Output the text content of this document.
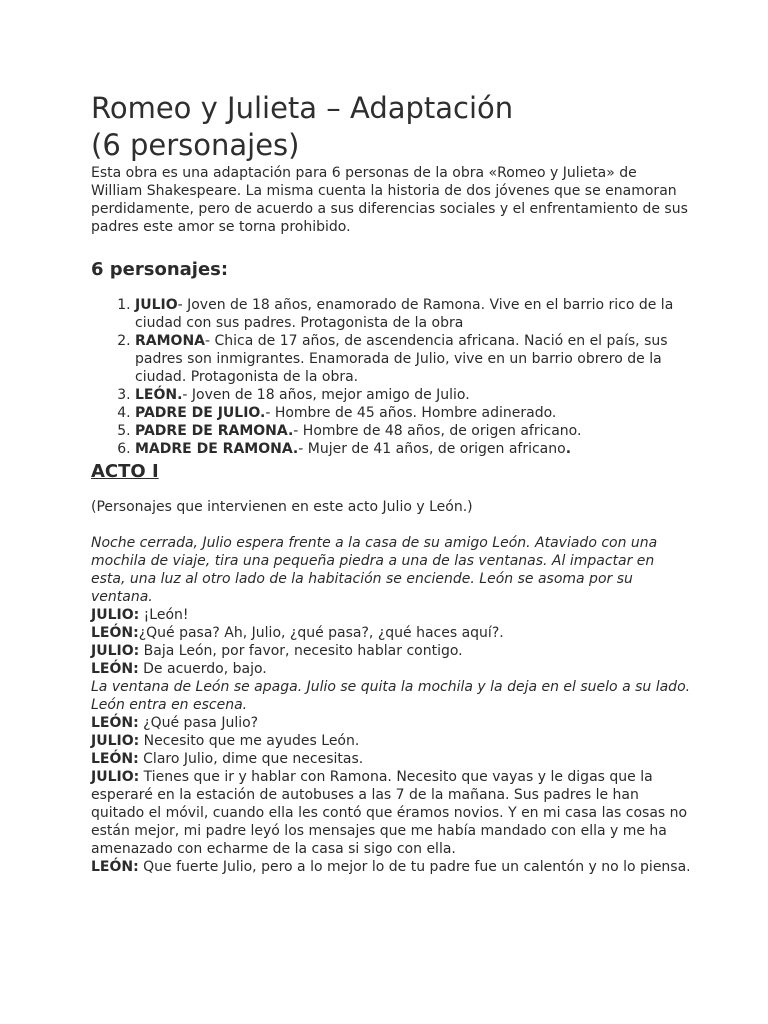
Romeo y Julieta – Adaptación
(6 personajes)

Esta obra es una adaptación para 6 personas de la obra «Romeo y Julieta» de William Shakespeare. La misma cuenta la historia de dos jóvenes que se enamoran perdidamente, pero de acuerdo a sus diferencias sociales y el enfrentamiento de sus padres este amor se torna prohibido.

6 personajes:
1. JULIO- Joven de 18 años, enamorado de Ramona. Vive en el barrio rico de la ciudad con sus padres. Protagonista de la obra
2. RAMONA- Chica de 17 años, de ascendencia africana. Nació en el país, sus padres son inmigrantes. Enamorada de Julio, vive en un barrio obrero de la ciudad. Protagonista de la obra.
3. LEÓN.- Joven de 18 años, mejor amigo de Julio.
4. PADRE DE JULIO.- Hombre de 45 años. Hombre adinerado.
5. PADRE DE RAMONA.- Hombre de 48 años, de origen africano.
6. MADRE DE RAMONA.- Mujer de 41 años, de origen africano.
ACTO I

(Personajes que intervienen en este acto Julio y León.)

Noche cerrada, Julio espera frente a la casa de su amigo León. Ataviado con una mochila de viaje, tira una pequeña piedra a una de las ventanas. Al impactar en esta, una luz al otro lado de la habitación se enciende. León se asoma por su ventana.

JULIO: ¡León!

LEÓN:¿Qué pasa? Ah, Julio, ¿qué pasa?, ¿qué haces aquí?.

JULIO: Baja León, por favor, necesito hablar contigo.

LEÓN: De acuerdo, bajo.

La ventana de León se apaga. Julio se quita la mochila y la deja en el suelo a su lado. León entra en escena.

LEÓN: ¿Qué pasa Julio?

JULIO: Necesito que me ayudes León.

LEÓN: Claro Julio, dime que necesitas.

JULIO: Tienes que ir y hablar con Ramona. Necesito que vayas y le digas que la esperaré en la estación de autobuses a las 7 de la mañana. Sus padres le han quitado el móvil, cuando ella les contó que éramos novios. Y en mi casa las cosas no están mejor, mi padre leyó los mensajes que me había mandado con ella y me ha amenazado con echarme de la casa si sigo con ella.

LEÓN: Que fuerte Julio, pero a lo mejor lo de tu padre fue un calentón y no lo piensa.
